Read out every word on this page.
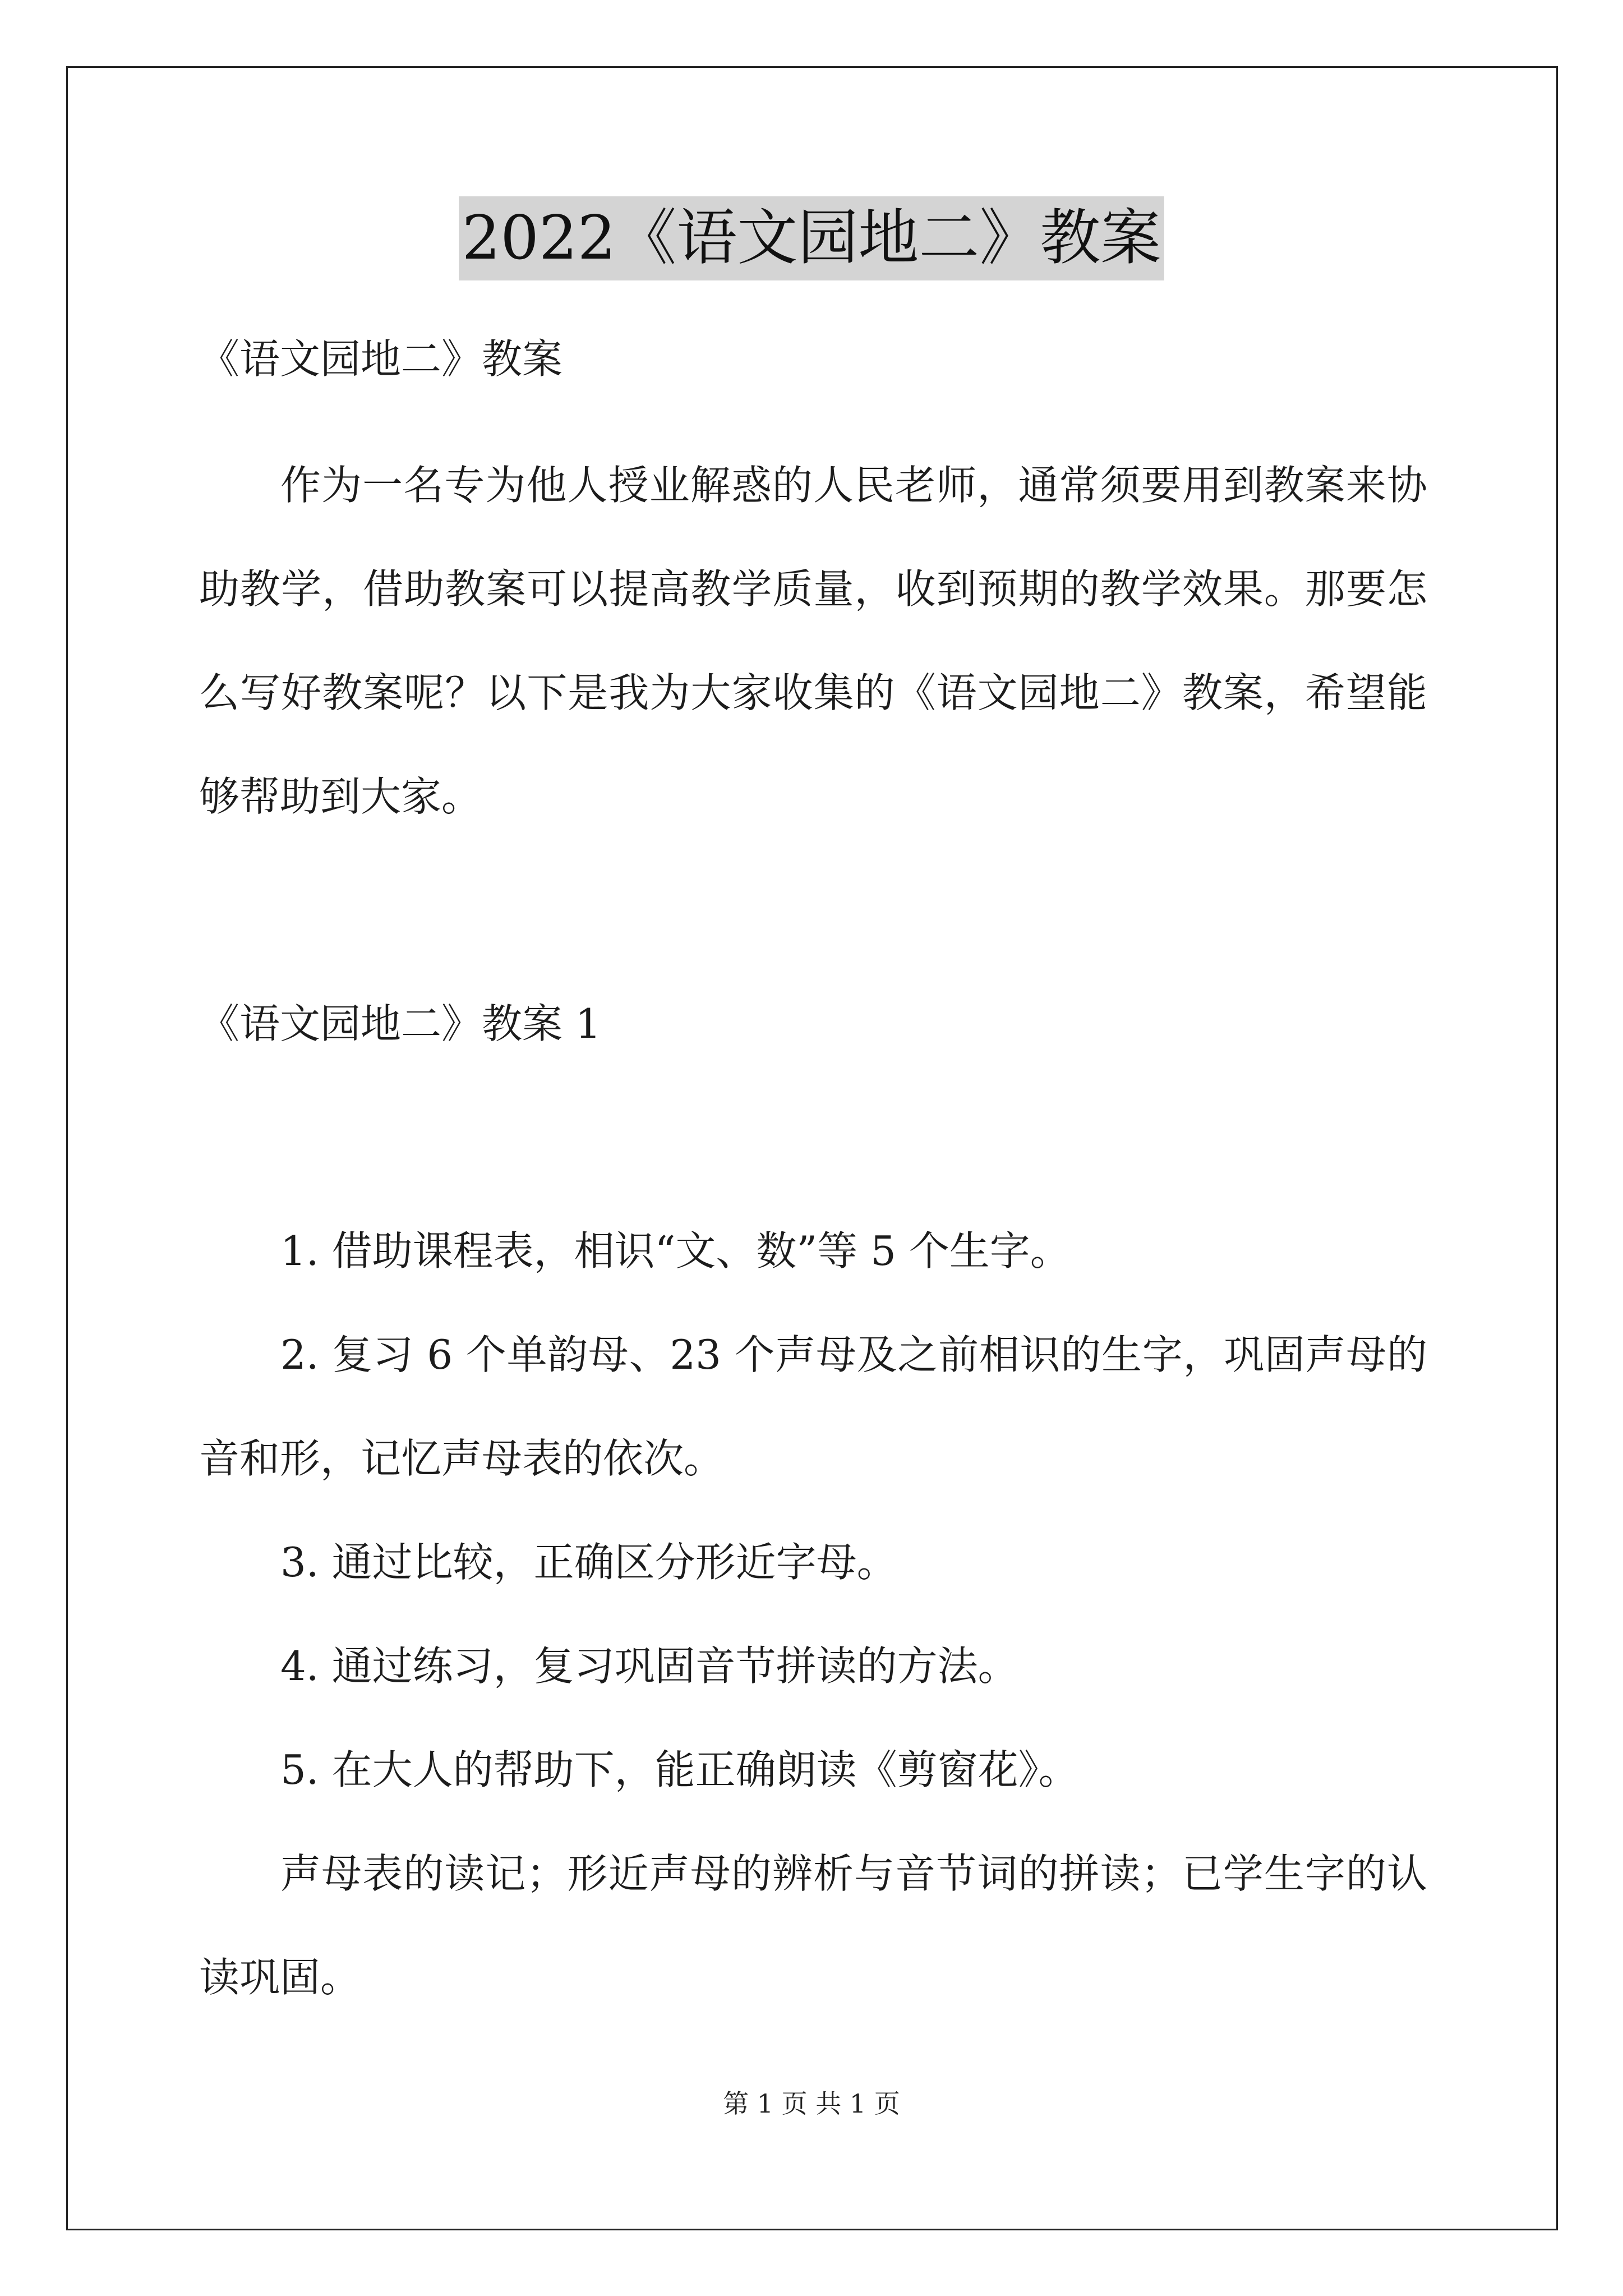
2022《语文园地二》教案
《语文园地二》教案
作为一名专为他人授业解惑的人民老师，通常须要用到教案来协
助教学，借助教案可以提高教学质量，收到预期的教学效果。那要怎
么写好教案呢？以下是我为大家收集的《语文园地二》教案，希望能
够帮助到大家。
《语文园地二》教案 1
1. 借助课程表，相识“文、数”等 5 个生字。
2. 复习 6 个单韵母、23 个声母及之前相识的生字，巩固声母的
音和形，记忆声母表的依次。
3. 通过比较，正确区分形近字母。
4. 通过练习，复习巩固音节拼读的方法。
5. 在大人的帮助下，能正确朗读《剪窗花》。
声母表的读记；形近声母的辨析与音节词的拼读；已学生字的认
读巩固。
第 1 页 共 1 页
